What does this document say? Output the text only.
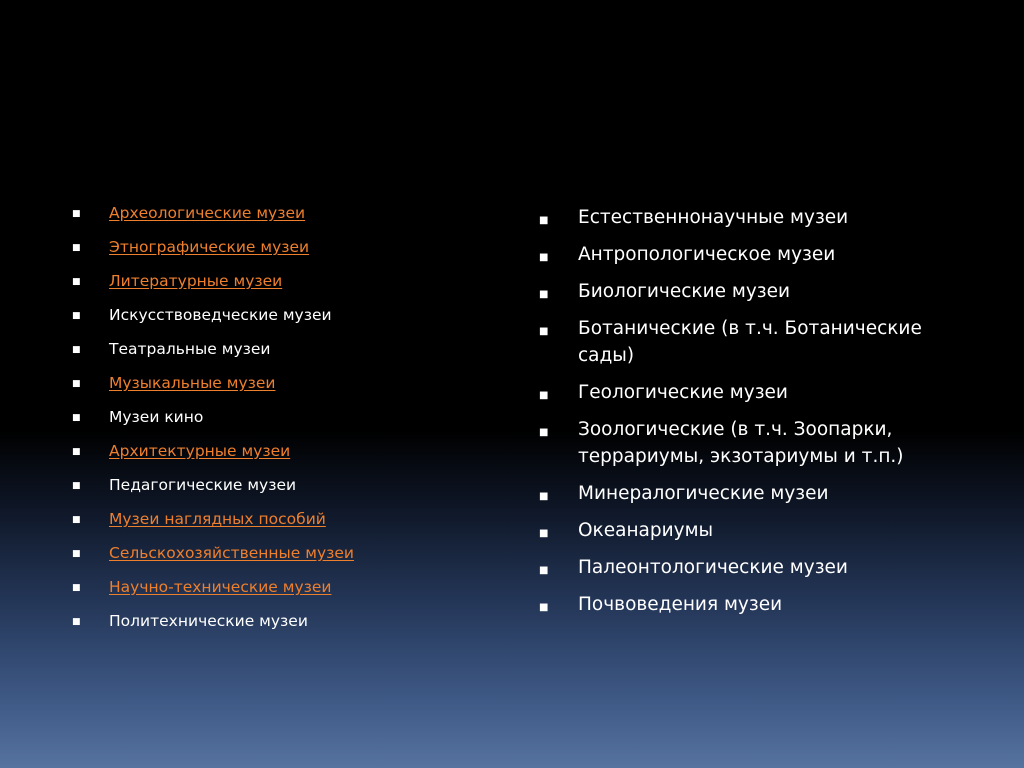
■ Археологические музеи
■ Этнографические музеи
■ Литературные музеи
■ Искусствоведческие музеи
■ Театральные музеи
■ Музыкальные музеи
■ Музеи кино
■ Архитектурные музеи
■ Педагогические музеи
■ Музеи наглядных пособий
■ Сельскохозяйственные музеи
■ Научно-технические музеи
■ Политехнические музеи
■ Естественнонаучные музеи
■ Антропологическое музеи
■ Биологические музеи
■ Ботанические (в т.ч. Ботанические сады)
■ Геологические музеи
■ Зоологические (в т.ч. Зоопарки, террариумы, экзотариумы и т.п.)
■ Минералогические музеи
■ Океанариумы
■ Палеонтологические музеи
■ Почвоведения музеи
